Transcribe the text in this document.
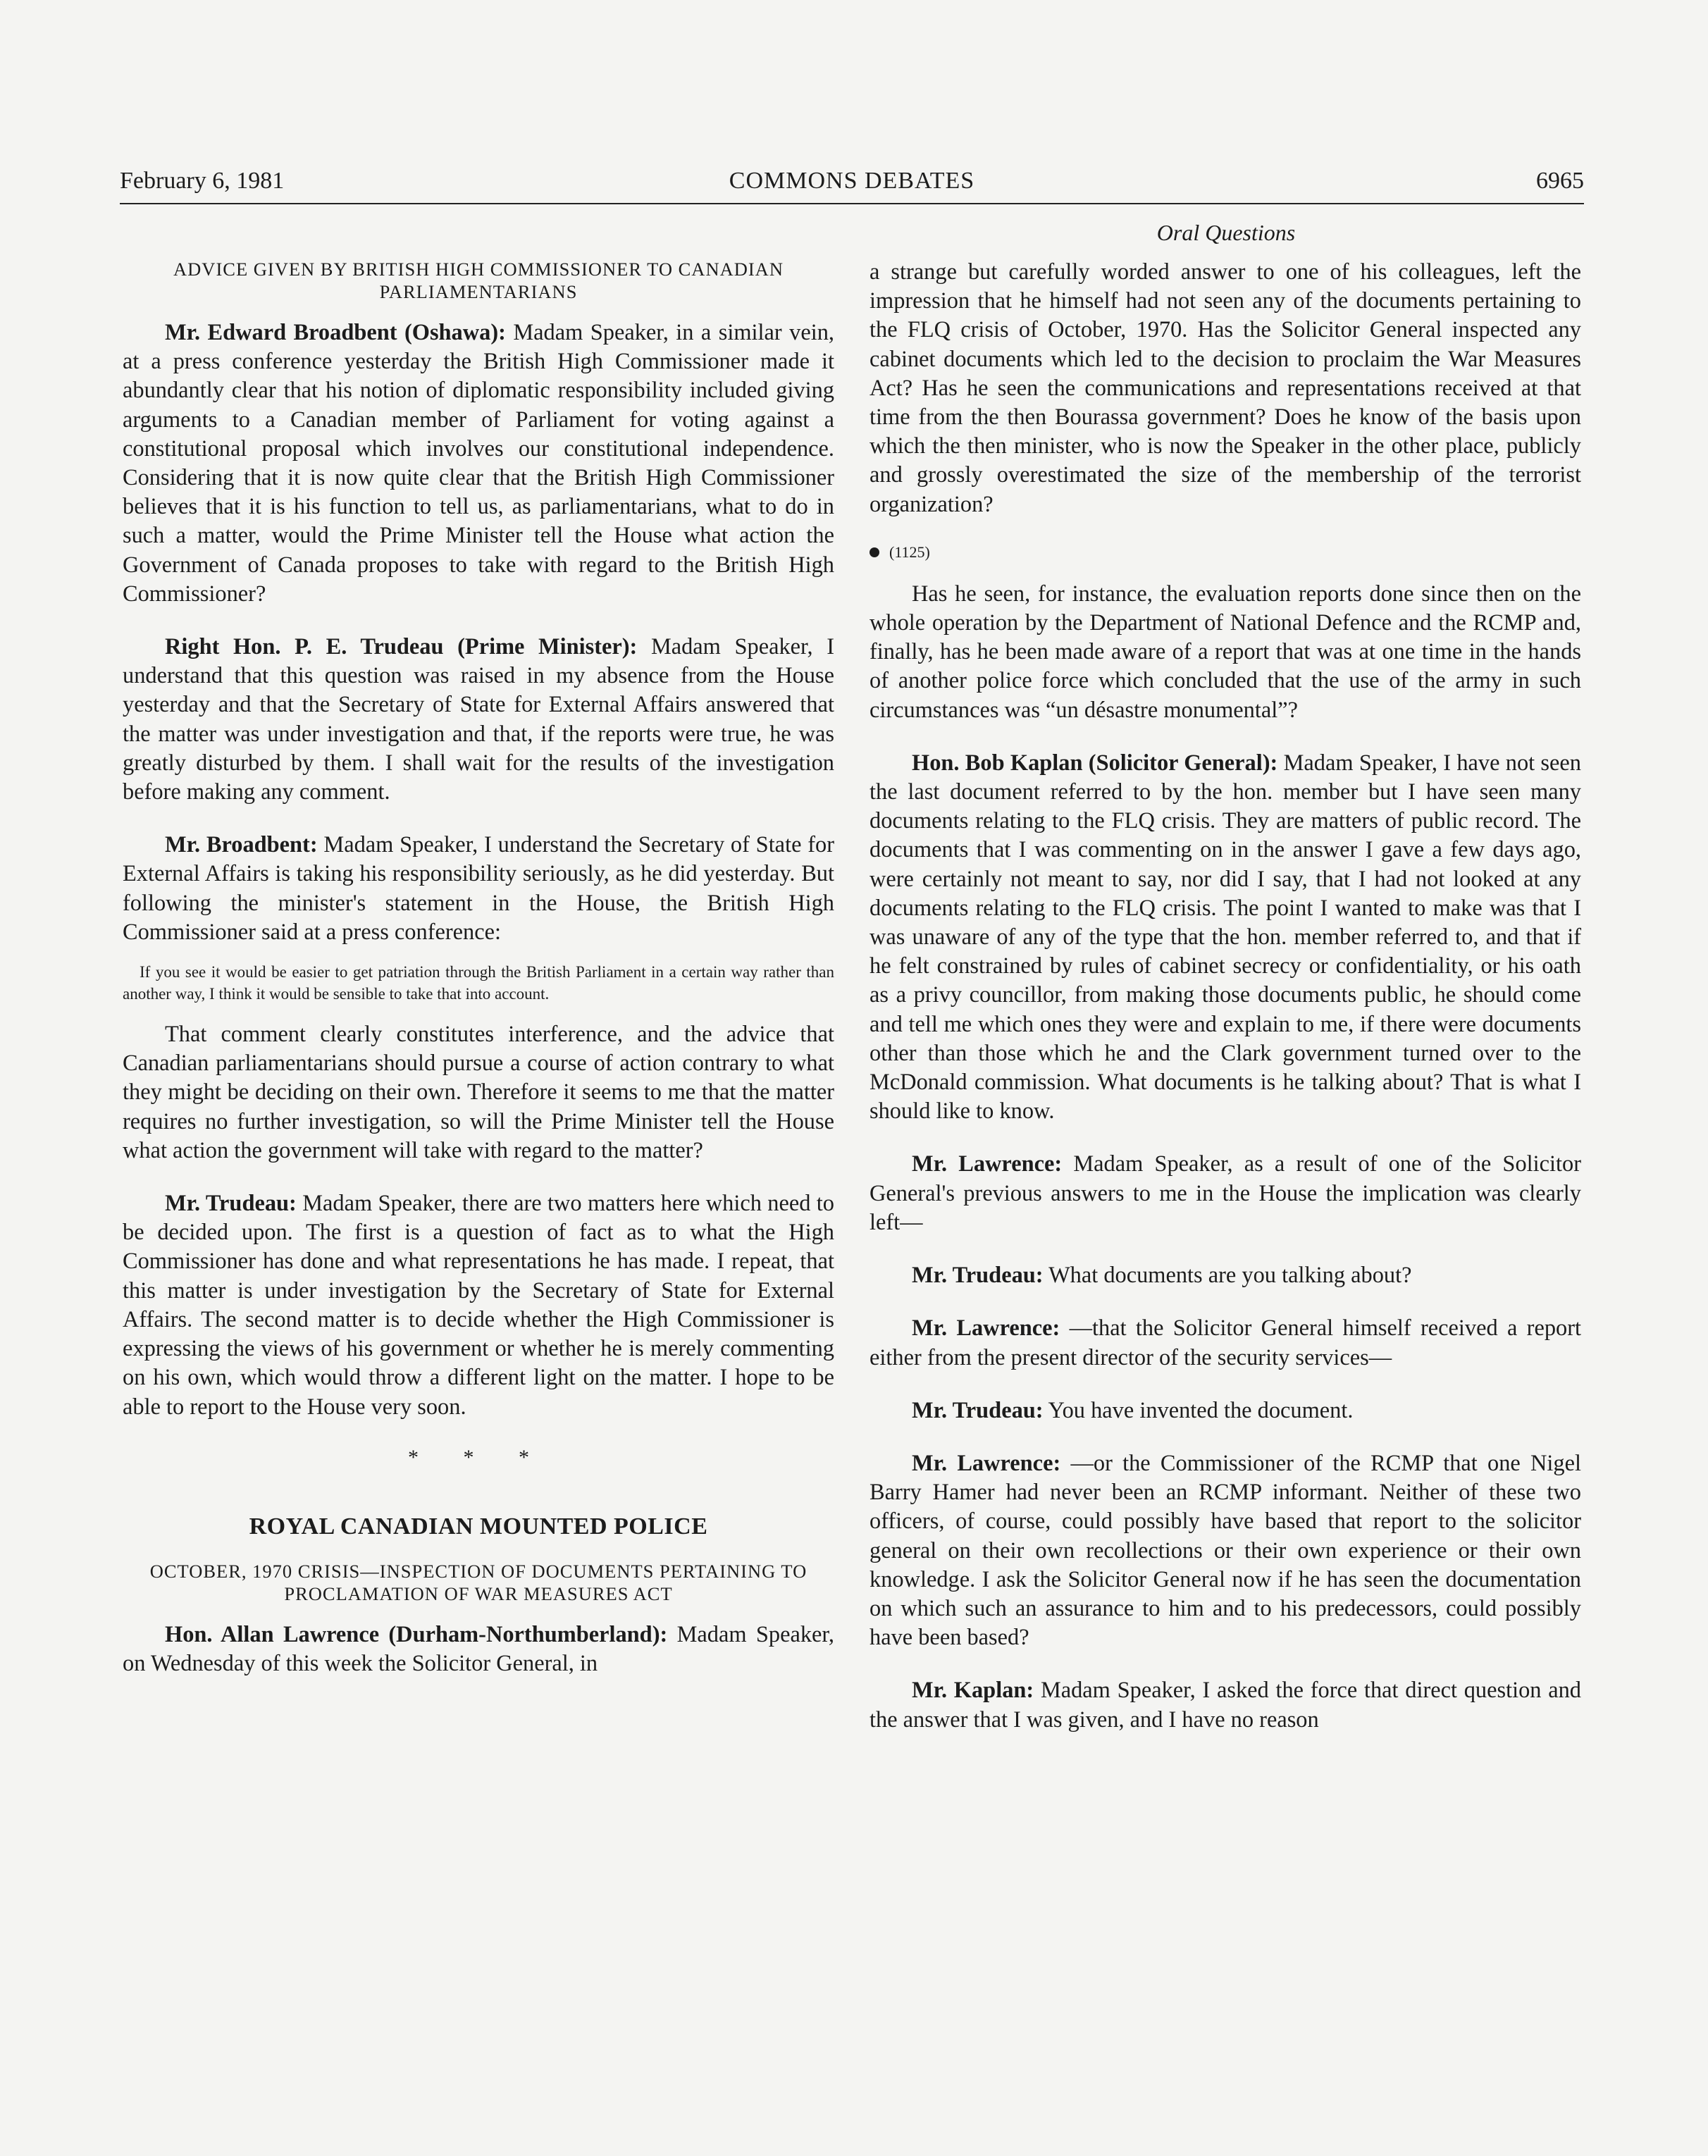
February 6, 1981	COMMONS DEBATES	6965
Oral Questions
ADVICE GIVEN BY BRITISH HIGH COMMISSIONER TO CANADIAN PARLIAMENTARIANS

Mr. Edward Broadbent (Oshawa): Madam Speaker, in a similar vein, at a press conference yesterday the British High Commissioner made it abundantly clear that his notion of diplomatic responsibility included giving arguments to a Canadian member of Parliament for voting against a constitutional proposal which involves our constitutional independence. Considering that it is now quite clear that the British High Commissioner believes that it is his function to tell us, as parliamentarians, what to do in such a matter, would the Prime Minister tell the House what action the Government of Canada proposes to take with regard to the British High Commissioner?

Right Hon. P. E. Trudeau (Prime Minister): Madam Speaker, I understand that this question was raised in my absence from the House yesterday and that the Secretary of State for External Affairs answered that the matter was under investigation and that, if the reports were true, he was greatly disturbed by them. I shall wait for the results of the investigation before making any comment.

Mr. Broadbent: Madam Speaker, I understand the Secretary of State for External Affairs is taking his responsibility seriously, as he did yesterday. But following the minister's statement in the House, the British High Commissioner said at a press conference:

If you see it would be easier to get patriation through the British Parliament in a certain way rather than another way, I think it would be sensible to take that into account.

That comment clearly constitutes interference, and the advice that Canadian parliamentarians should pursue a course of action contrary to what they might be deciding on their own. Therefore it seems to me that the matter requires no further investigation, so will the Prime Minister tell the House what action the government will take with regard to the matter?

Mr. Trudeau: Madam Speaker, there are two matters here which need to be decided upon. The first is a question of fact as to what the High Commissioner has done and what representations he has made. I repeat, that this matter is under investigation by the Secretary of State for External Affairs. The second matter is to decide whether the High Commissioner is expressing the views of his government or whether he is merely commenting on his own, which would throw a different light on the matter. I hope to be able to report to the House very soon.

* * *
ROYAL CANADIAN MOUNTED POLICE
OCTOBER, 1970 CRISIS—INSPECTION OF DOCUMENTS PERTAINING TO PROCLAMATION OF WAR MEASURES ACT

Hon. Allan Lawrence (Durham-Northumberland): Madam Speaker, on Wednesday of this week the Solicitor General, in

a strange but carefully worded answer to one of his colleagues, left the impression that he himself had not seen any of the documents pertaining to the FLQ crisis of October, 1970. Has the Solicitor General inspected any cabinet documents which led to the decision to proclaim the War Measures Act? Has he seen the communications and representations received at that time from the then Bourassa government? Does he know of the basis upon which the then minister, who is now the Speaker in the other place, publicly and grossly overestimated the size of the membership of the terrorist organization?

(1125)

Has he seen, for instance, the evaluation reports done since then on the whole operation by the Department of National Defence and the RCMP and, finally, has he been made aware of a report that was at one time in the hands of another police force which concluded that the use of the army in such circumstances was “un désastre monumental”?

Hon. Bob Kaplan (Solicitor General): Madam Speaker, I have not seen the last document referred to by the hon. member but I have seen many documents relating to the FLQ crisis. They are matters of public record. The documents that I was commenting on in the answer I gave a few days ago, were certainly not meant to say, nor did I say, that I had not looked at any documents relating to the FLQ crisis. The point I wanted to make was that I was unaware of any of the type that the hon. member referred to, and that if he felt constrained by rules of cabinet secrecy or confidentiality, or his oath as a privy councillor, from making those documents public, he should come and tell me which ones they were and explain to me, if there were documents other than those which he and the Clark government turned over to the McDonald commission. What documents is he talking about? That is what I should like to know.

Mr. Lawrence: Madam Speaker, as a result of one of the Solicitor General's previous answers to me in the House the implication was clearly left—

Mr. Trudeau: What documents are you talking about?

Mr. Lawrence: —that the Solicitor General himself received a report either from the present director of the security services—

Mr. Trudeau: You have invented the document.

Mr. Lawrence: —or the Commissioner of the RCMP that one Nigel Barry Hamer had never been an RCMP informant. Neither of these two officers, of course, could possibly have based that report to the solicitor general on their own recollections or their own experience or their own knowledge. I ask the Solicitor General now if he has seen the documentation on which such an assurance to him and to his predecessors, could possibly have been based?

Mr. Kaplan: Madam Speaker, I asked the force that direct question and the answer that I was given, and I have no reason
